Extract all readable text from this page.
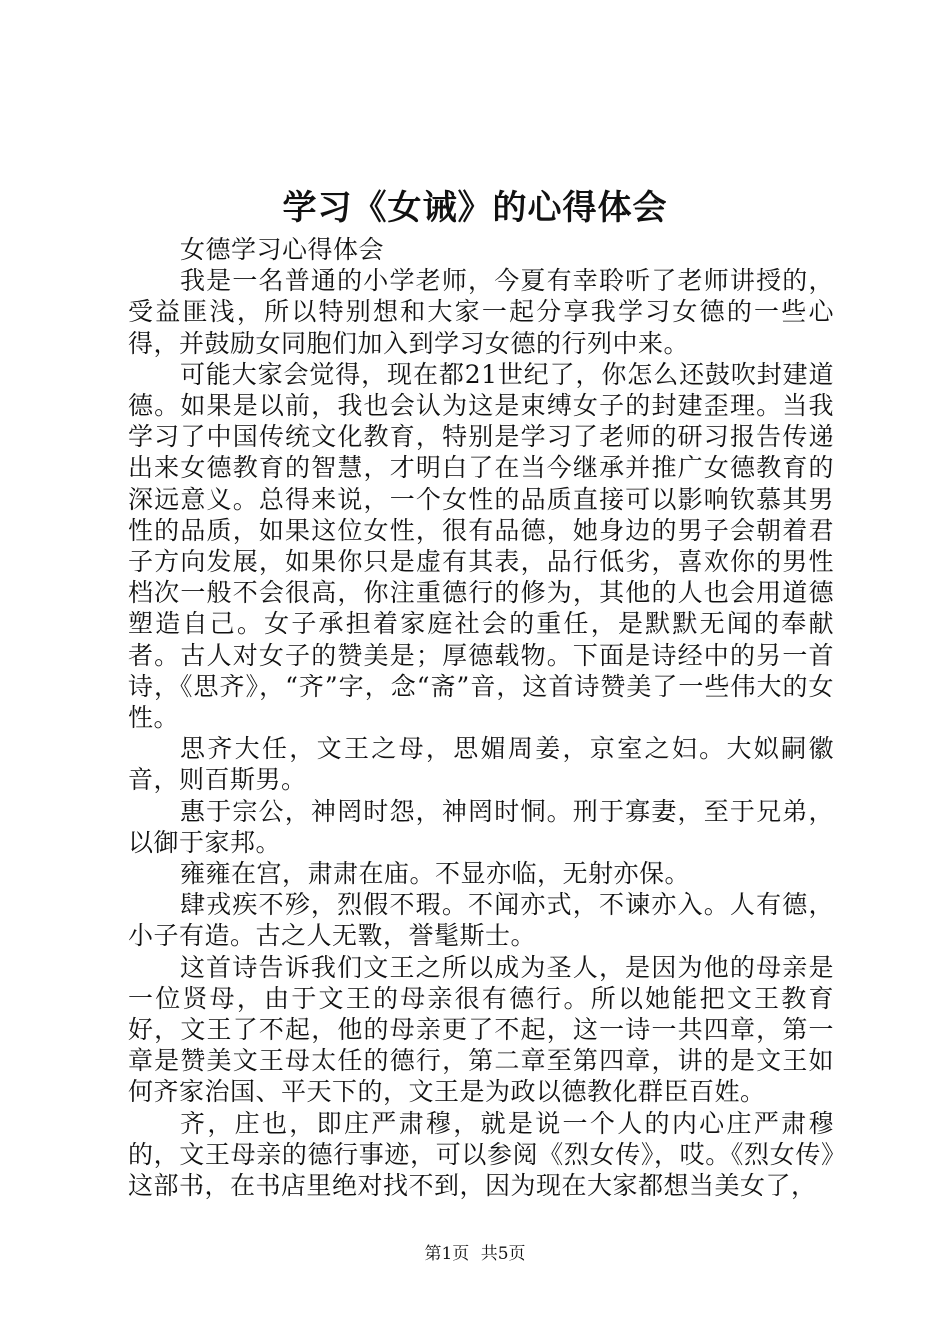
学习《女诫》的心得体会

女德学习心得体会

我是一名普通的小学老师，今夏有幸聆听了老师讲授的，受益匪浅，所以特别想和大家一起分享我学习女德的一些心得，并鼓励女同胞们加入到学习女德的行列中来。

可能大家会觉得，现在都21世纪了，你怎么还鼓吹封建道德。如果是以前，我也会认为这是束缚女子的封建歪理。当我学习了中国传统文化教育，特别是学习了老师的研习报告传递出来女德教育的智慧，才明白了在当今继承并推广女德教育的深远意义。总得来说，一个女性的品质直接可以影响钦慕其男性的品质，如果这位女性，很有品德，她身边的男子会朝着君子方向发展，如果你只是虚有其表，品行低劣，喜欢你的男性档次一般不会很高，你注重德行的修为，其他的人也会用道德塑造自己。女子承担着家庭社会的重任，是默默无闻的奉献者。古人对女子的赞美是；厚德载物。下面是诗经中的另一首诗，《思齐》，“齐”字，念“斋”音，这首诗赞美了一些伟大的女性。

思齐大任，文王之母，思媚周姜，京室之妇。大姒嗣徽音，则百斯男。

惠于宗公，神罔时怨，神罔时恫。刑于寡妻，至于兄弟，以御于家邦。

雍雍在宫，肃肃在庙。不显亦临，无射亦保。

肆戎疾不殄，烈假不瑕。不闻亦式，不谏亦入。人有德，小子有造。古之人无斁，誉髦斯士。

这首诗告诉我们文王之所以成为圣人，是因为他的母亲是一位贤母，由于文王的母亲很有德行。所以她能把文王教育好，文王了不起，他的母亲更了不起，这一诗一共四章，第一章是赞美文王母太任的德行，第二章至第四章，讲的是文王如何齐家治国、平天下的，文王是为政以德教化群臣百姓。

齐，庄也，即庄严肃穆，就是说一个人的内心庄严肃穆的，文王母亲的德行事迹，可以参阅《烈女传》，哎。《烈女传》这部书，在书店里绝对找不到，因为现在大家都想当美女了，

第1页 共5页
